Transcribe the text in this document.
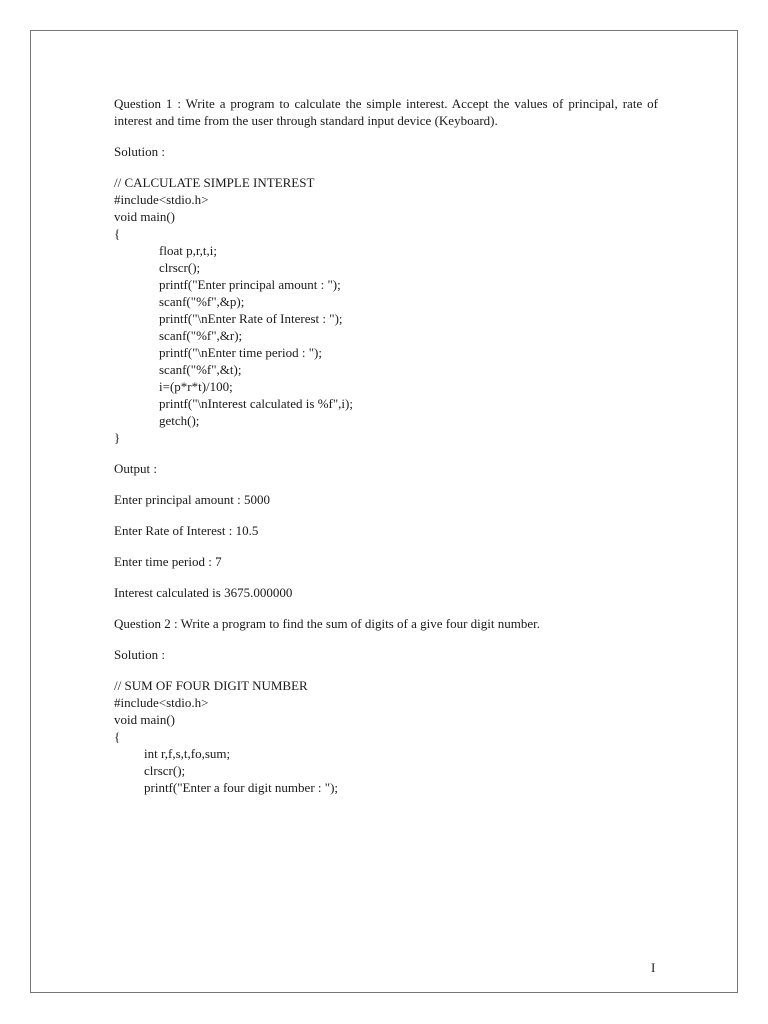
Question 1 : Write a program to calculate the simple interest. Accept the values of principal, rate of interest and time from the user through standard input device (Keyboard).

Solution :

// CALCULATE SIMPLE INTEREST

#include<stdio.h>
void main()
{
float p,r,t,i;
clrscr();
printf("Enter principal amount : ");
scanf("%f",&p);
printf("\nEnter Rate of Interest : ");
scanf("%f",&r);
printf("\nEnter time period : ");
scanf("%f",&t);
i=(p*r*t)/100;
printf("\nInterest calculated is %f",i);
getch();
}

Output :

Enter principal amount : 5000

Enter Rate of Interest : 10.5

Enter time period : 7

Interest calculated is 3675.000000

Question 2 : Write a program to find the sum of digits of a give four digit number.

Solution :

// SUM OF FOUR DIGIT NUMBER

#include<stdio.h>
void main()
{
int r,f,s,t,fo,sum;
clrscr();
printf("Enter a four digit number : ");
I
